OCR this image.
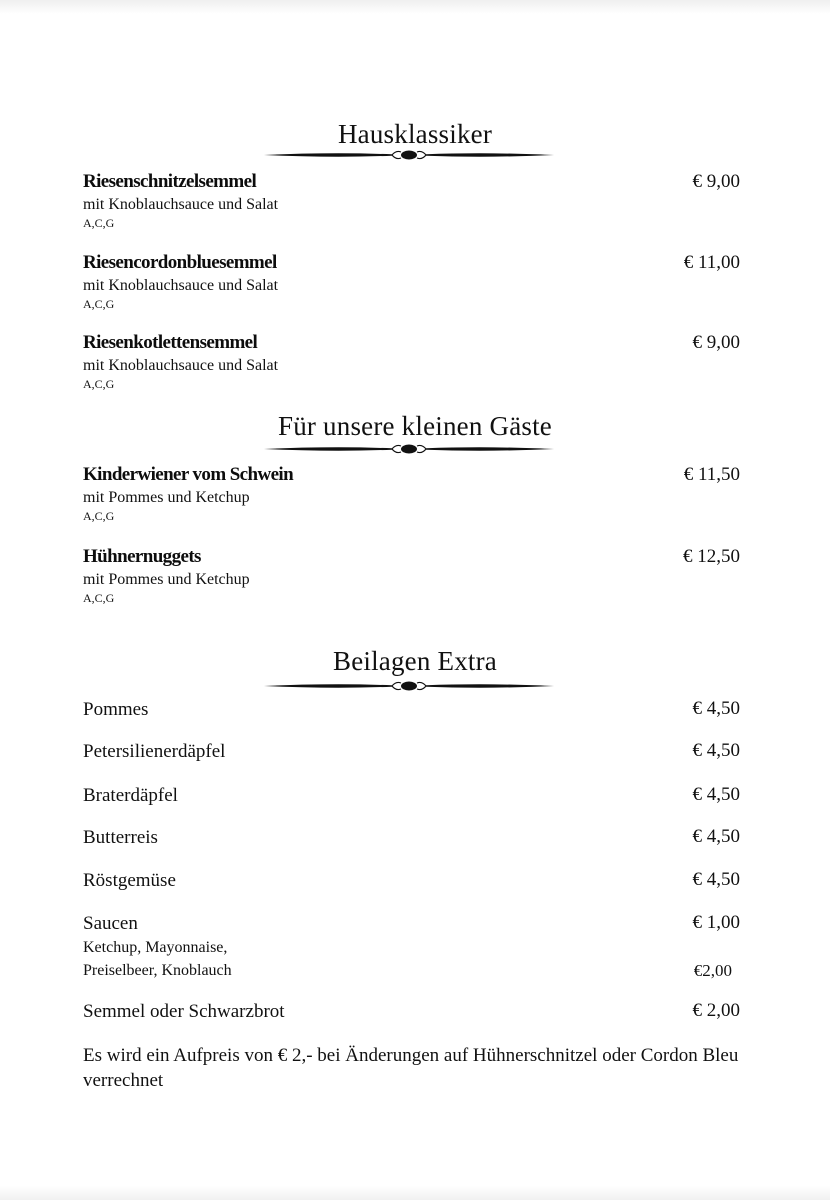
Hausklassiker
Riesenschnitzelsemmel
mit Knoblauchsauce und Salat
A,C,G
€ 9,00
Riesencordonbluesemmel
mit Knoblauchsauce und Salat
A,C,G
€ 11,00
Riesenkotlettensemmel
mit Knoblauchsauce und Salat
A,C,G
€ 9,00
Für unsere kleinen Gäste
Kinderwiener vom Schwein
mit Pommes und Ketchup
A,C,G
€ 11,50
Hühnernuggets
mit Pommes und Ketchup
A,C,G
€ 12,50
Beilagen Extra
Pommes	€ 4,50
Petersilienerdäpfel	€ 4,50
Braterdäpfel	€ 4,50
Butterreis	€ 4,50
Röstgemüse	€ 4,50
Saucen	€ 1,00
Ketchup, Mayonnaise,
Preiselbeer, Knoblauch	€2,00
Semmel oder Schwarzbrot	€ 2,00
Es wird ein Aufpreis von € 2,- bei Änderungen auf Hühnerschnitzel oder Cordon Bleu verrechnet
